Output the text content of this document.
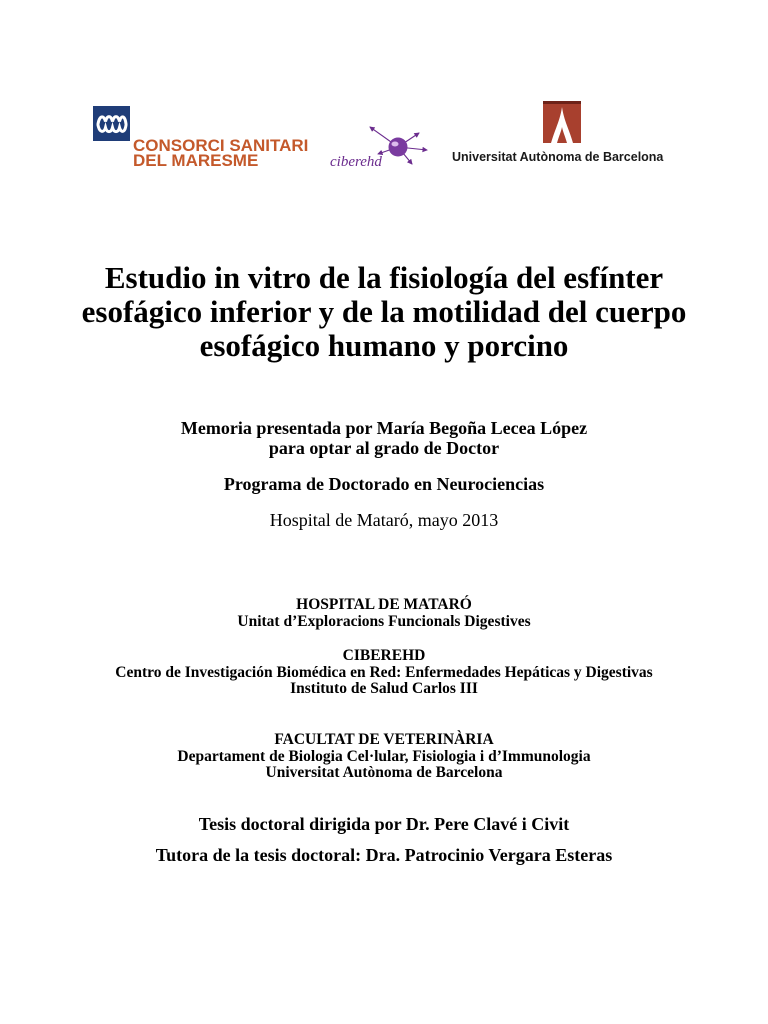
CONSORCI SANITARI
DEL MARESME	ciberehd	Universitat Autònoma de Barcelona
Estudio in vitro de la fisiología del esfínter
esofágico inferior y de la motilidad del cuerpo
esofágico humano y porcino
Memoria presentada por María Begoña Lecea López
para optar al grado de Doctor
Programa de Doctorado en Neurociencias
Hospital de Mataró, mayo 2013
HOSPITAL DE MATARÓ
Unitat d’Exploracions Funcionals Digestives
CIBEREHD
Centro de Investigación Biomédica en Red: Enfermedades Hepáticas y Digestivas
Instituto de Salud Carlos III
FACULTAT DE VETERINÀRIA
Departament de Biologia Cel·lular, Fisiologia i d’Immunologia
Universitat Autònoma de Barcelona
Tesis doctoral dirigida por Dr. Pere Clavé i Civit
Tutora de la tesis doctoral: Dra. Patrocinio Vergara Esteras
